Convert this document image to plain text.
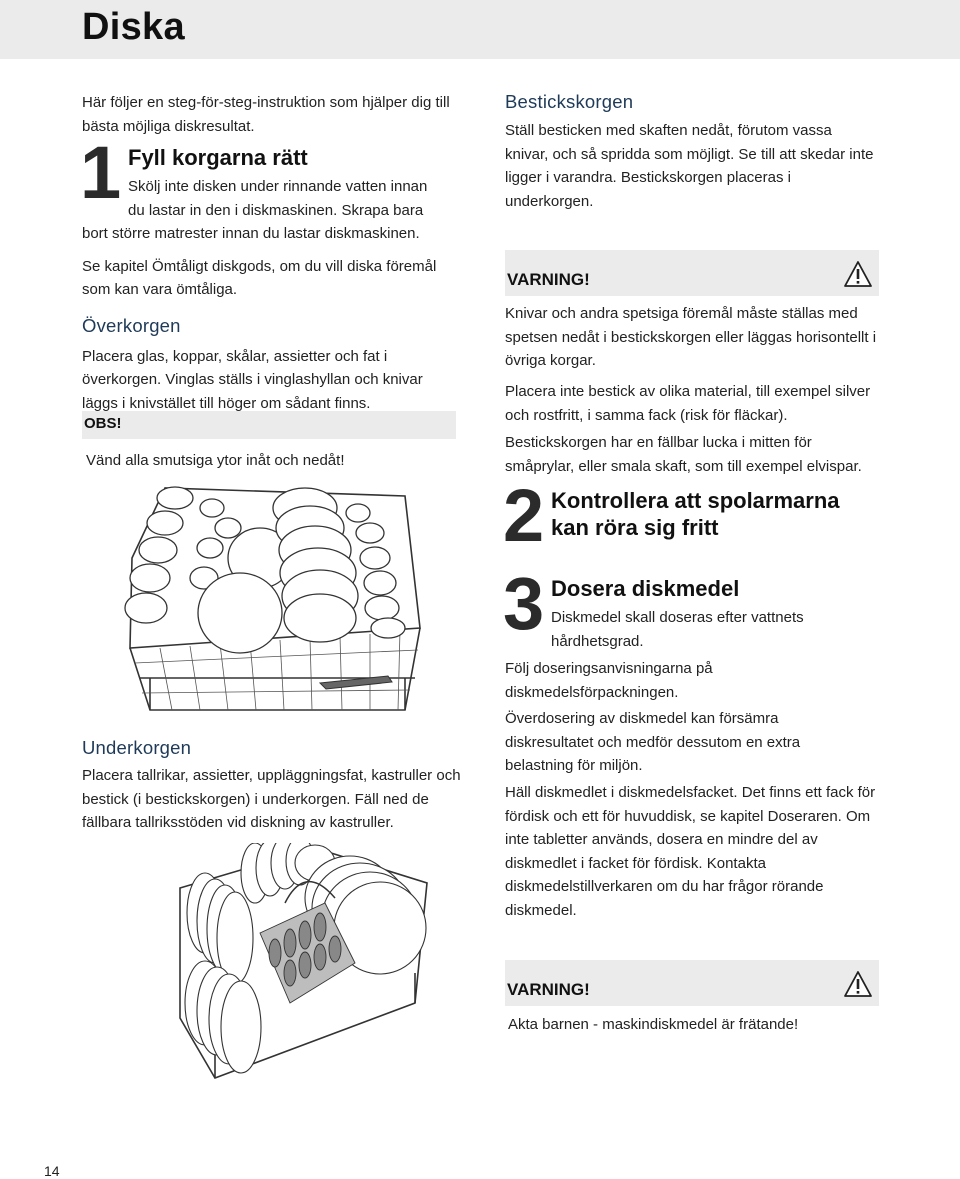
Diska

Här följer en steg-för-steg-instruktion som hjälper dig till bästa möjliga diskresultat.

1 Fyll korgarna rätt

Skölj inte disken under rinnande vatten innan

du lastar in den i diskmaskinen. Skrapa bara

bort större matrester innan du lastar diskmaskinen.

Se kapitel Ömtåligt diskgods, om du vill diska föremål som kan vara ömtåliga.

Överkorgen

Placera glas, koppar, skålar, assietter och fat i överkorgen. Vinglas ställs i vinglashyllan och knivar läggs i knivstället till höger om sådant finns.

OBS!

Vänd alla smutsiga ytor inåt och nedåt!

Underkorgen

Placera tallrikar, assietter, uppläggningsfat, kastruller och bestick (i bestickskorgen) i underkorgen. Fäll ned de fällbara tallriksstöden vid diskning av kastruller.

Bestickskorgen

Ställ besticken med skaften nedåt, förutom vassa knivar, och så spridda som möjligt. Se till att skedar inte ligger i varandra. Bestickskorgen placeras i underkorgen.

VARNING!

Knivar och andra spetsiga föremål måste ställas med spetsen nedåt i bestickskorgen eller läggas horisontellt i övriga korgar.

Placera inte bestick av olika material, till exempel silver och rostfritt, i samma fack (risk för fläckar).

Bestickskorgen har en fällbar lucka i mitten för småprylar, eller smala skaft, som till exempel elvispar.

2 Kontrollera att spolarmarna kan röra sig fritt
3 Dosera diskmedel

Diskmedel skall doseras efter vattnets hårdhetsgrad.

Följ doseringsanvisningarna på diskmedelsförpackningen.

Överdosering av diskmedel kan försämra diskresultatet och medför dessutom en extra belastning för miljön.

Häll diskmedlet i diskmedelsfacket. Det finns ett fack för fördisk och ett för huvuddisk, se kapitel Doseraren. Om inte tabletter används, dosera en mindre del av diskmedlet i facket för fördisk. Kontakta diskmedelstillverkaren om du har frågor rörande diskmedel.

VARNING!

Akta barnen - maskindiskmedel är frätande!

14
